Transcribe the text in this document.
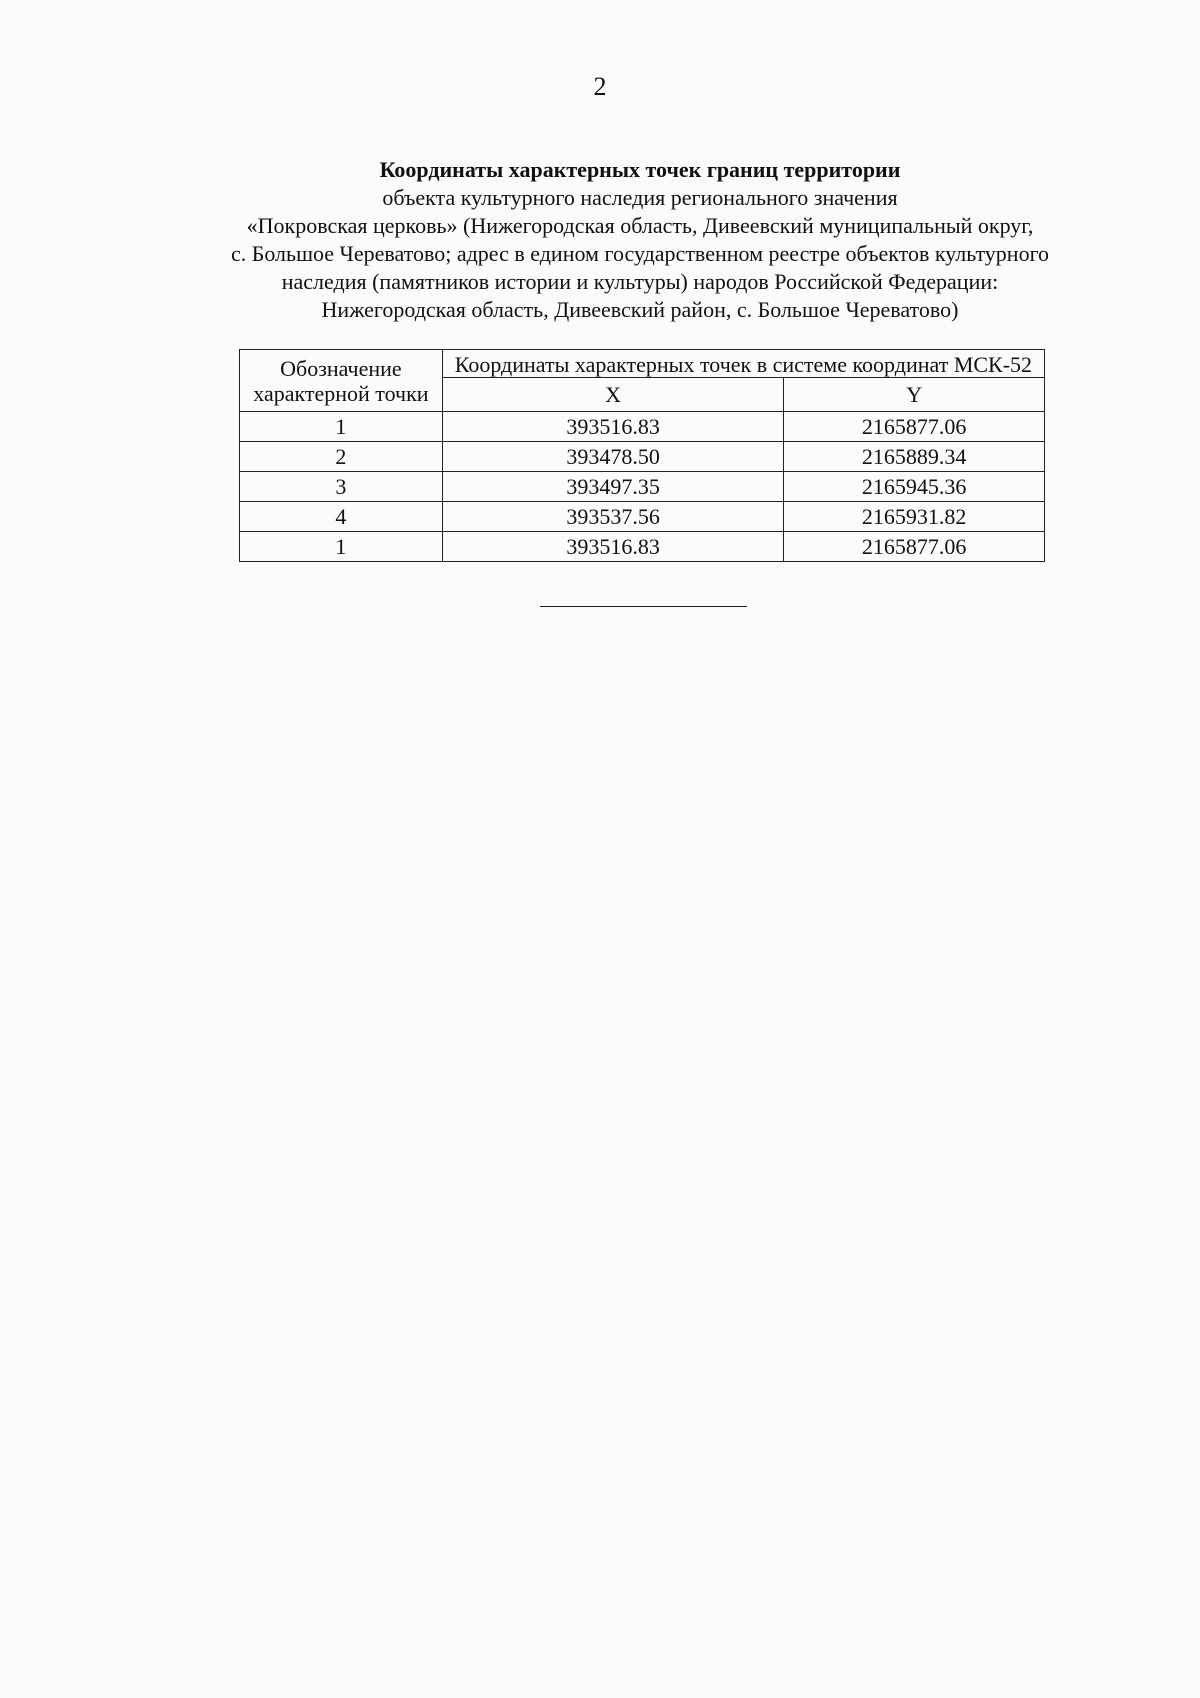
2
Координаты характерных точек границ территории
объекта культурного наследия регионального значения
«Покровская церковь» (Нижегородская область, Дивеевский муниципальный округ,
с. Большое Череватово; адрес в едином государственном реестре объектов культурного
наследия (памятников истории и культуры) народов Российской Федерации:
Нижегородская область, Дивеевский район, с. Большое Череватово)
Обозначение характерной точки	Координаты характерных точек в системе координат МСК-52	
	X	Y
1	393516.83	2165877.06
2	393478.50	2165889.34
3	393497.35	2165945.36
4	393537.56	2165931.82
1	393516.83	2165877.06
